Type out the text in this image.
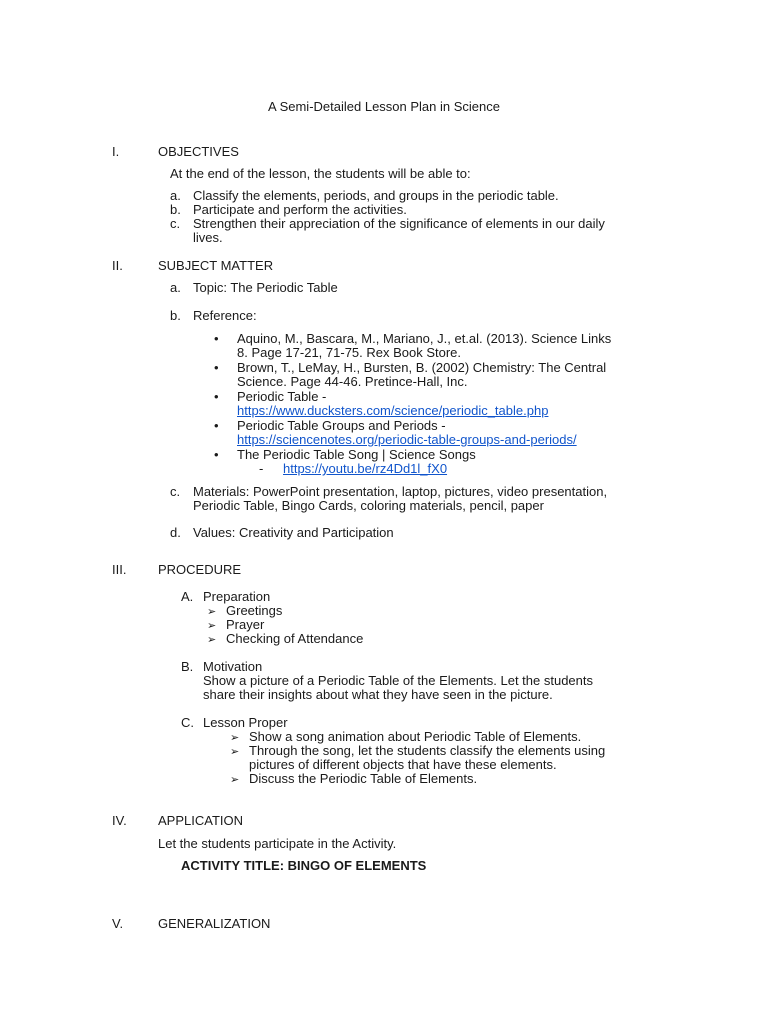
A Semi-Detailed Lesson Plan in Science
I.	OBJECTIVES
At the end of the lesson, the students will be able to:
a. Classify the elements, periods, and groups in the periodic table.
b. Participate and perform the activities.
c. Strengthen their appreciation of the significance of elements in our daily
lives.
II.	SUBJECT MATTER
a. Topic: The Periodic Table
b. Reference:
• Aquino, M., Bascara, M., Mariano, J., et.al. (2013). Science Links
8. Page 17-21, 71-75. Rex Book Store.
• Brown, T., LeMay, H., Bursten, B. (2002) Chemistry: The Central
Science. Page 44-46. Pretince-Hall, Inc.
• Periodic Table -
https://www.ducksters.com/science/periodic_table.php
• Periodic Table Groups and Periods -
https://sciencenotes.org/periodic-table-groups-and-periods/
• The Periodic Table Song | Science Songs
- https://youtu.be/rz4Dd1l_fX0
c. Materials: PowerPoint presentation, laptop, pictures, video presentation,
Periodic Table, Bingo Cards, coloring materials, pencil, paper
d. Values: Creativity and Participation
III. PROCEDURE
A. Preparation
➢ Greetings
➢ Prayer
➢ Checking of Attendance
B. Motivation
Show a picture of a Periodic Table of the Elements. Let the students
share their insights about what they have seen in the picture.
C. Lesson Proper
➢ Show a song animation about Periodic Table of Elements.
➢ Through the song, let the students classify the elements using
pictures of different objects that have these elements.
➢ Discuss the Periodic Table of Elements.
IV. APPLICATION
Let the students participate in the Activity.
ACTIVITY TITLE: BINGO OF ELEMENTS
V.	GENERALIZATION
